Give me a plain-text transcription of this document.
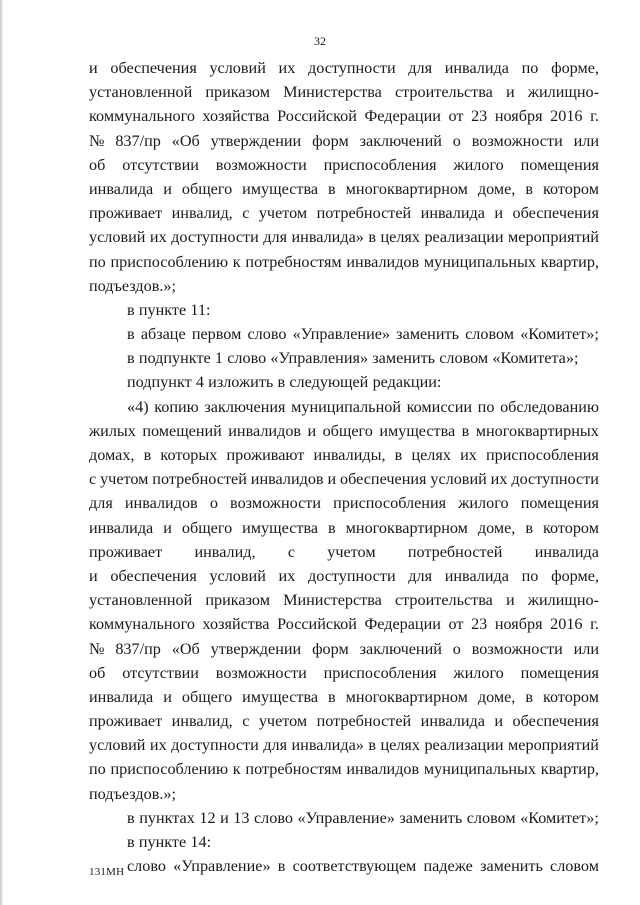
32
и обеспечения условий их доступности для инвалида по форме,
установленной приказом Министерства строительства и жилищно-
коммунального хозяйства Российской Федерации от 23 ноября 2016 г.
№ 837/пр «Об утверждении форм заключений о возможности или
об отсутствии возможности приспособления жилого помещения
инвалида и общего имущества в многоквартирном доме, в котором
проживает инвалид, с учетом потребностей инвалида и обеспечения
условий их доступности для инвалида» в целях реализации мероприятий
по приспособлению к потребностям инвалидов муниципальных квартир,
подъездов.»;
в пункте 11:
в абзаце первом слово «Управление» заменить словом «Комитет»;
в подпункте 1 слово «Управления» заменить словом «Комитета»;
подпункт 4 изложить в следующей редакции:
«4) копию заключения муниципальной комиссии по обследованию
жилых помещений инвалидов и общего имущества в многоквартирных
домах, в которых проживают инвалиды, в целях их приспособления
с учетом потребностей инвалидов и обеспечения условий их доступности
для инвалидов о возможности приспособления жилого помещения
инвалида и общего имущества в многоквартирном доме, в котором
проживает инвалид, с учетом потребностей инвалида
и обеспечения условий их доступности для инвалида по форме,
установленной приказом Министерства строительства и жилищно-
коммунального хозяйства Российской Федерации от 23 ноября 2016 г.
№ 837/пр «Об утверждении форм заключений о возможности или
об отсутствии возможности приспособления жилого помещения
инвалида и общего имущества в многоквартирном доме, в котором
проживает инвалид, с учетом потребностей инвалида и обеспечения
условий их доступности для инвалида» в целях реализации мероприятий
по приспособлению к потребностям инвалидов муниципальных квартир,
подъездов.»;
в пунктах 12 и 13 слово «Управление» заменить словом «Комитет»;
в пункте 14:
слово «Управление» в соответствующем падеже заменить словом
131МН
